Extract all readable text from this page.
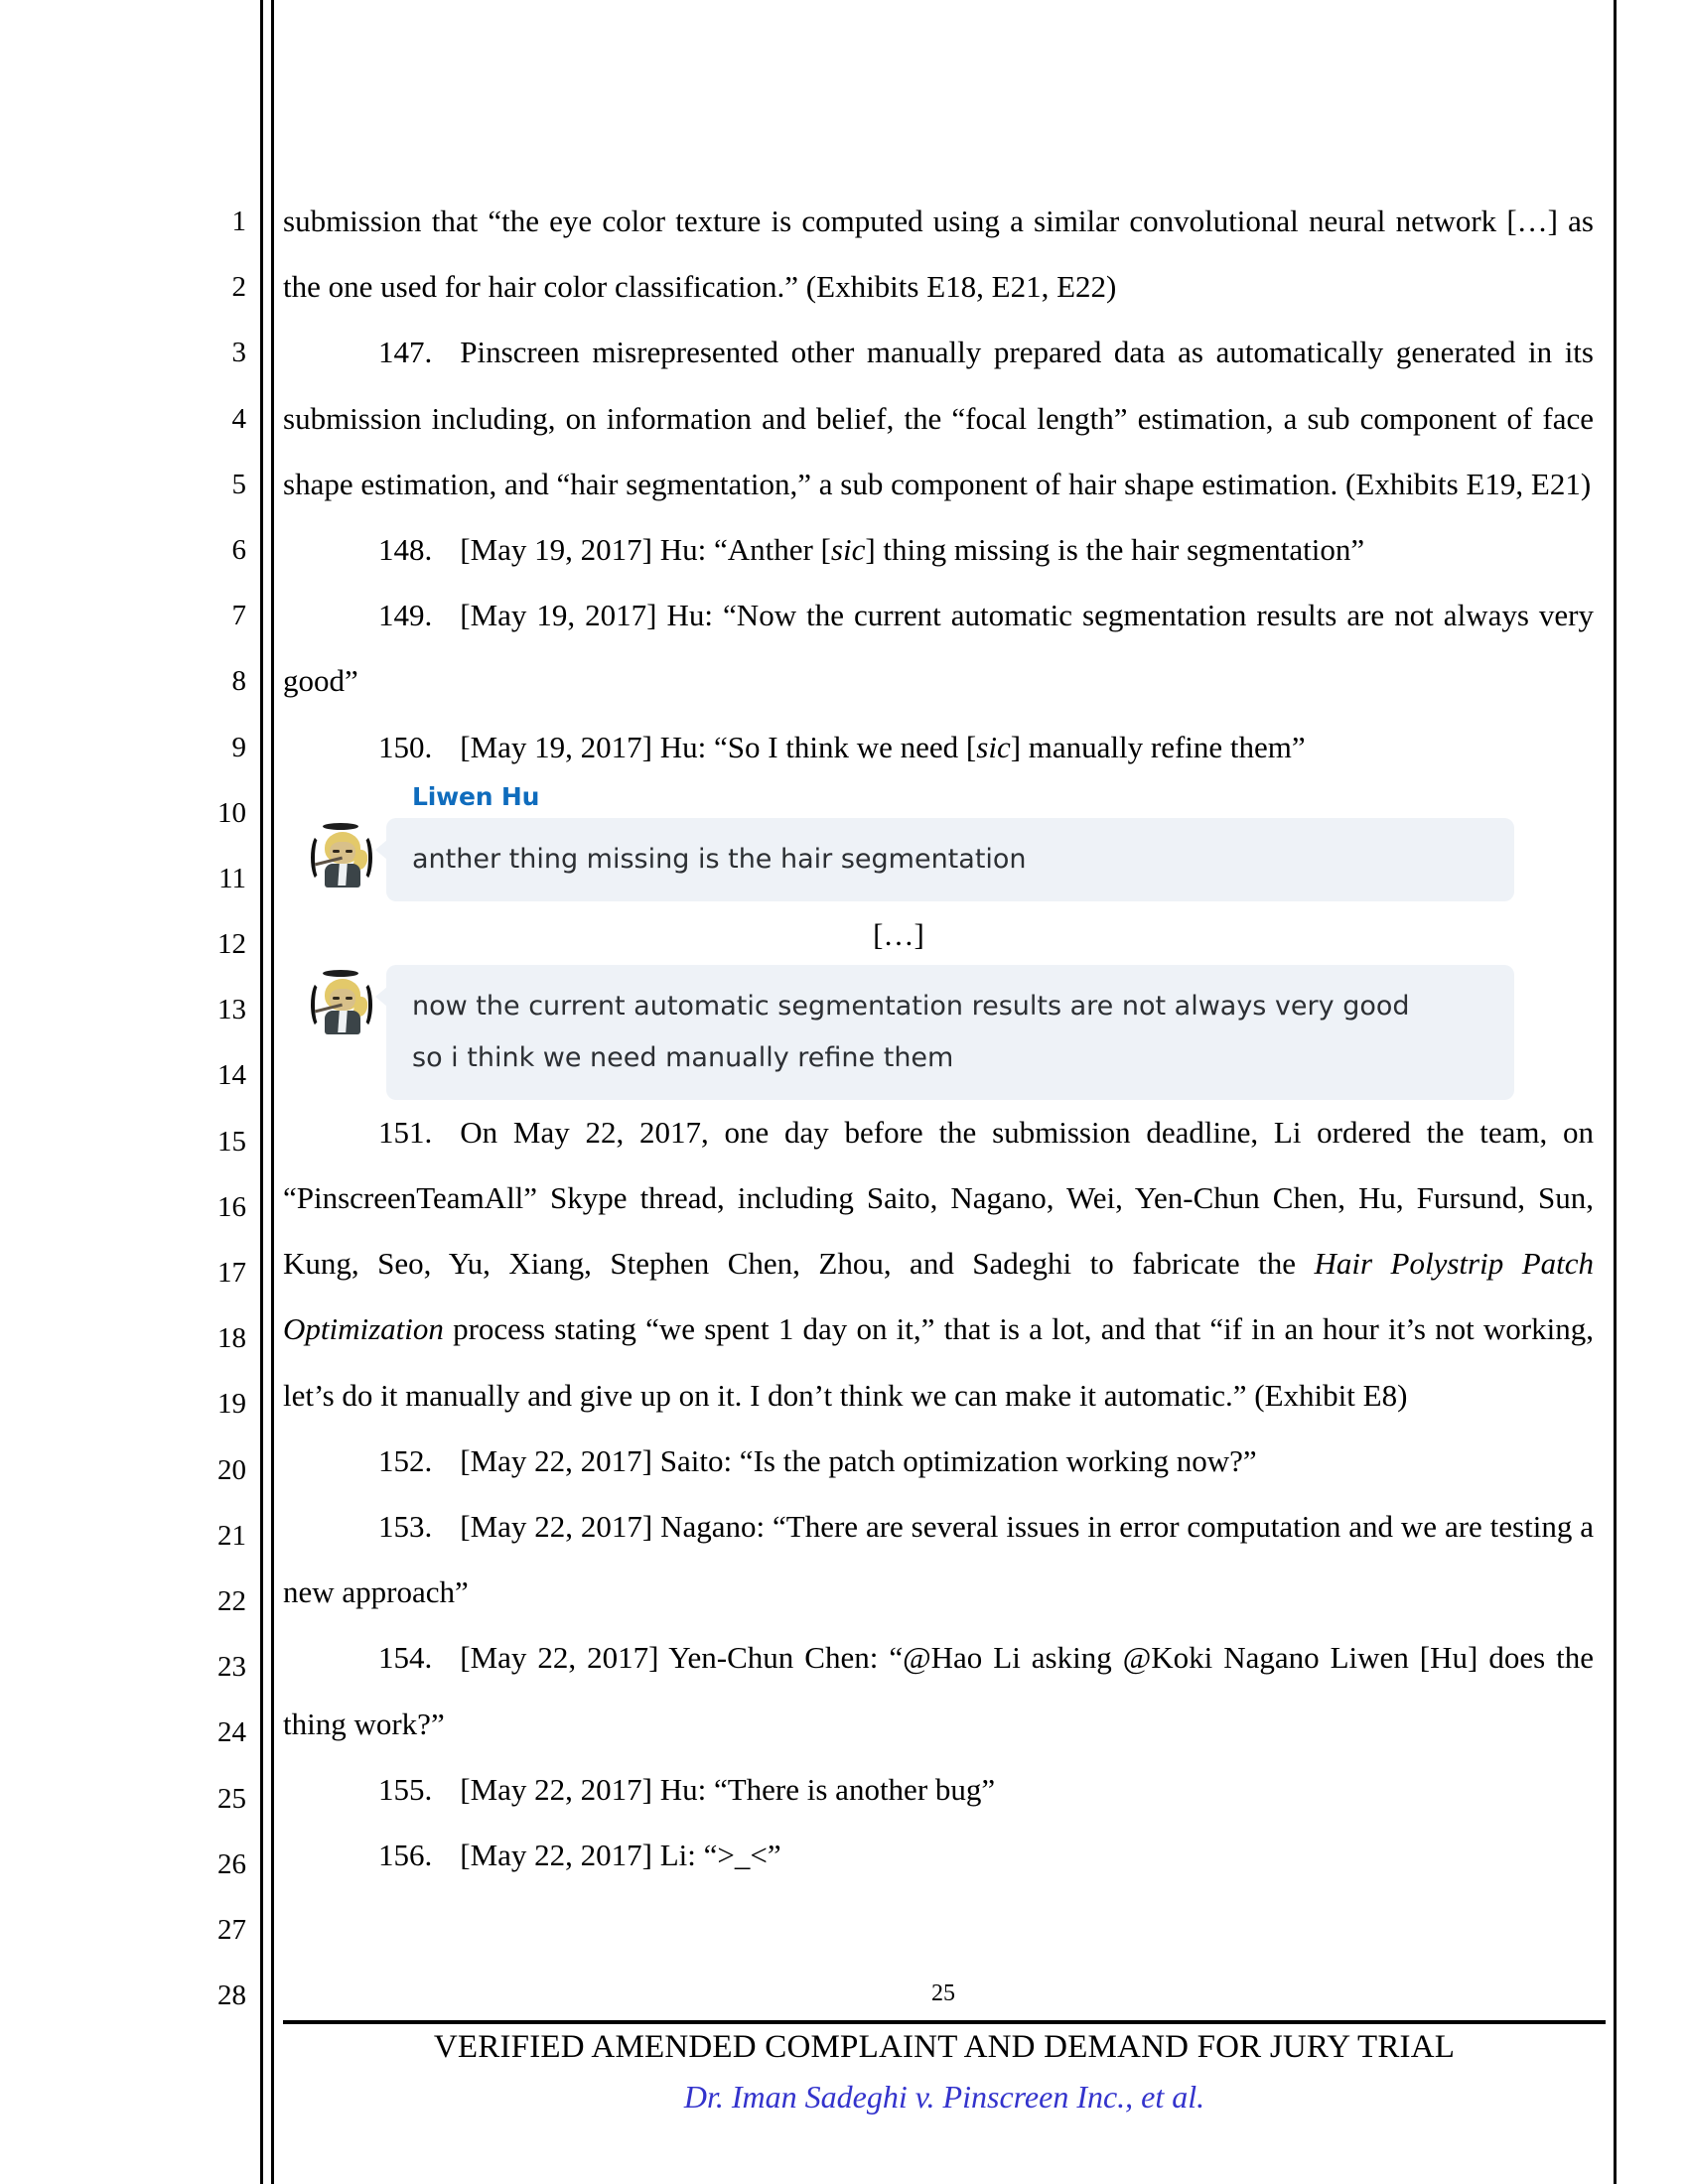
1
2
3
4
5
6
7
8
9
10
11
12
13
14
15
16
17
18
19
20
21
22
23
24
25
26
27
28

submission that “the eye color texture is computed using a similar convolutional neural network […] as the one used for hair color classification.” (Exhibits E18, E21, E22)

147. Pinscreen misrepresented other manually prepared data as automatically generated in its submission including, on information and belief, the “focal length” estimation, a sub component of face shape estimation, and “hair segmentation,” a sub component of hair shape estimation. (Exhibits E19, E21)

148. [May 19, 2017] Hu: “Anther [sic] thing missing is the hair segmentation”

149. [May 19, 2017] Hu: “Now the current automatic segmentation results are not always very good”

150. [May 19, 2017] Hu: “So I think we need [sic] manually refine them”

Liwen Hu

anther thing missing is the hair segmentation

[…]

now the current automatic segmentation results are not always very good

so i think we need manually refine them

151. On May 22, 2017, one day before the submission deadline, Li ordered the team, on “PinscreenTeamAll” Skype thread, including Saito, Nagano, Wei, Yen-Chun Chen, Hu, Fursund, Sun, Kung, Seo, Yu, Xiang, Stephen Chen, Zhou, and Sadeghi to fabricate the Hair Polystrip Patch Optimization process stating “we spent 1 day on it,” that is a lot, and that “if in an hour it’s not working, let’s do it manually and give up on it. I don’t think we can make it automatic.” (Exhibit E8)

152. [May 22, 2017] Saito: “Is the patch optimization working now?”

153. [May 22, 2017] Nagano: “There are several issues in error computation and we are testing a new approach”

154. [May 22, 2017] Yen-Chun Chen: “@Hao Li asking @Koki Nagano Liwen [Hu] does the thing work?”

155. [May 22, 2017] Hu: “There is another bug”

156. [May 22, 2017] Li: “>_<”

25
VERIFIED AMENDED COMPLAINT AND DEMAND FOR JURY TRIAL
Dr. Iman Sadeghi v. Pinscreen Inc., et al.
